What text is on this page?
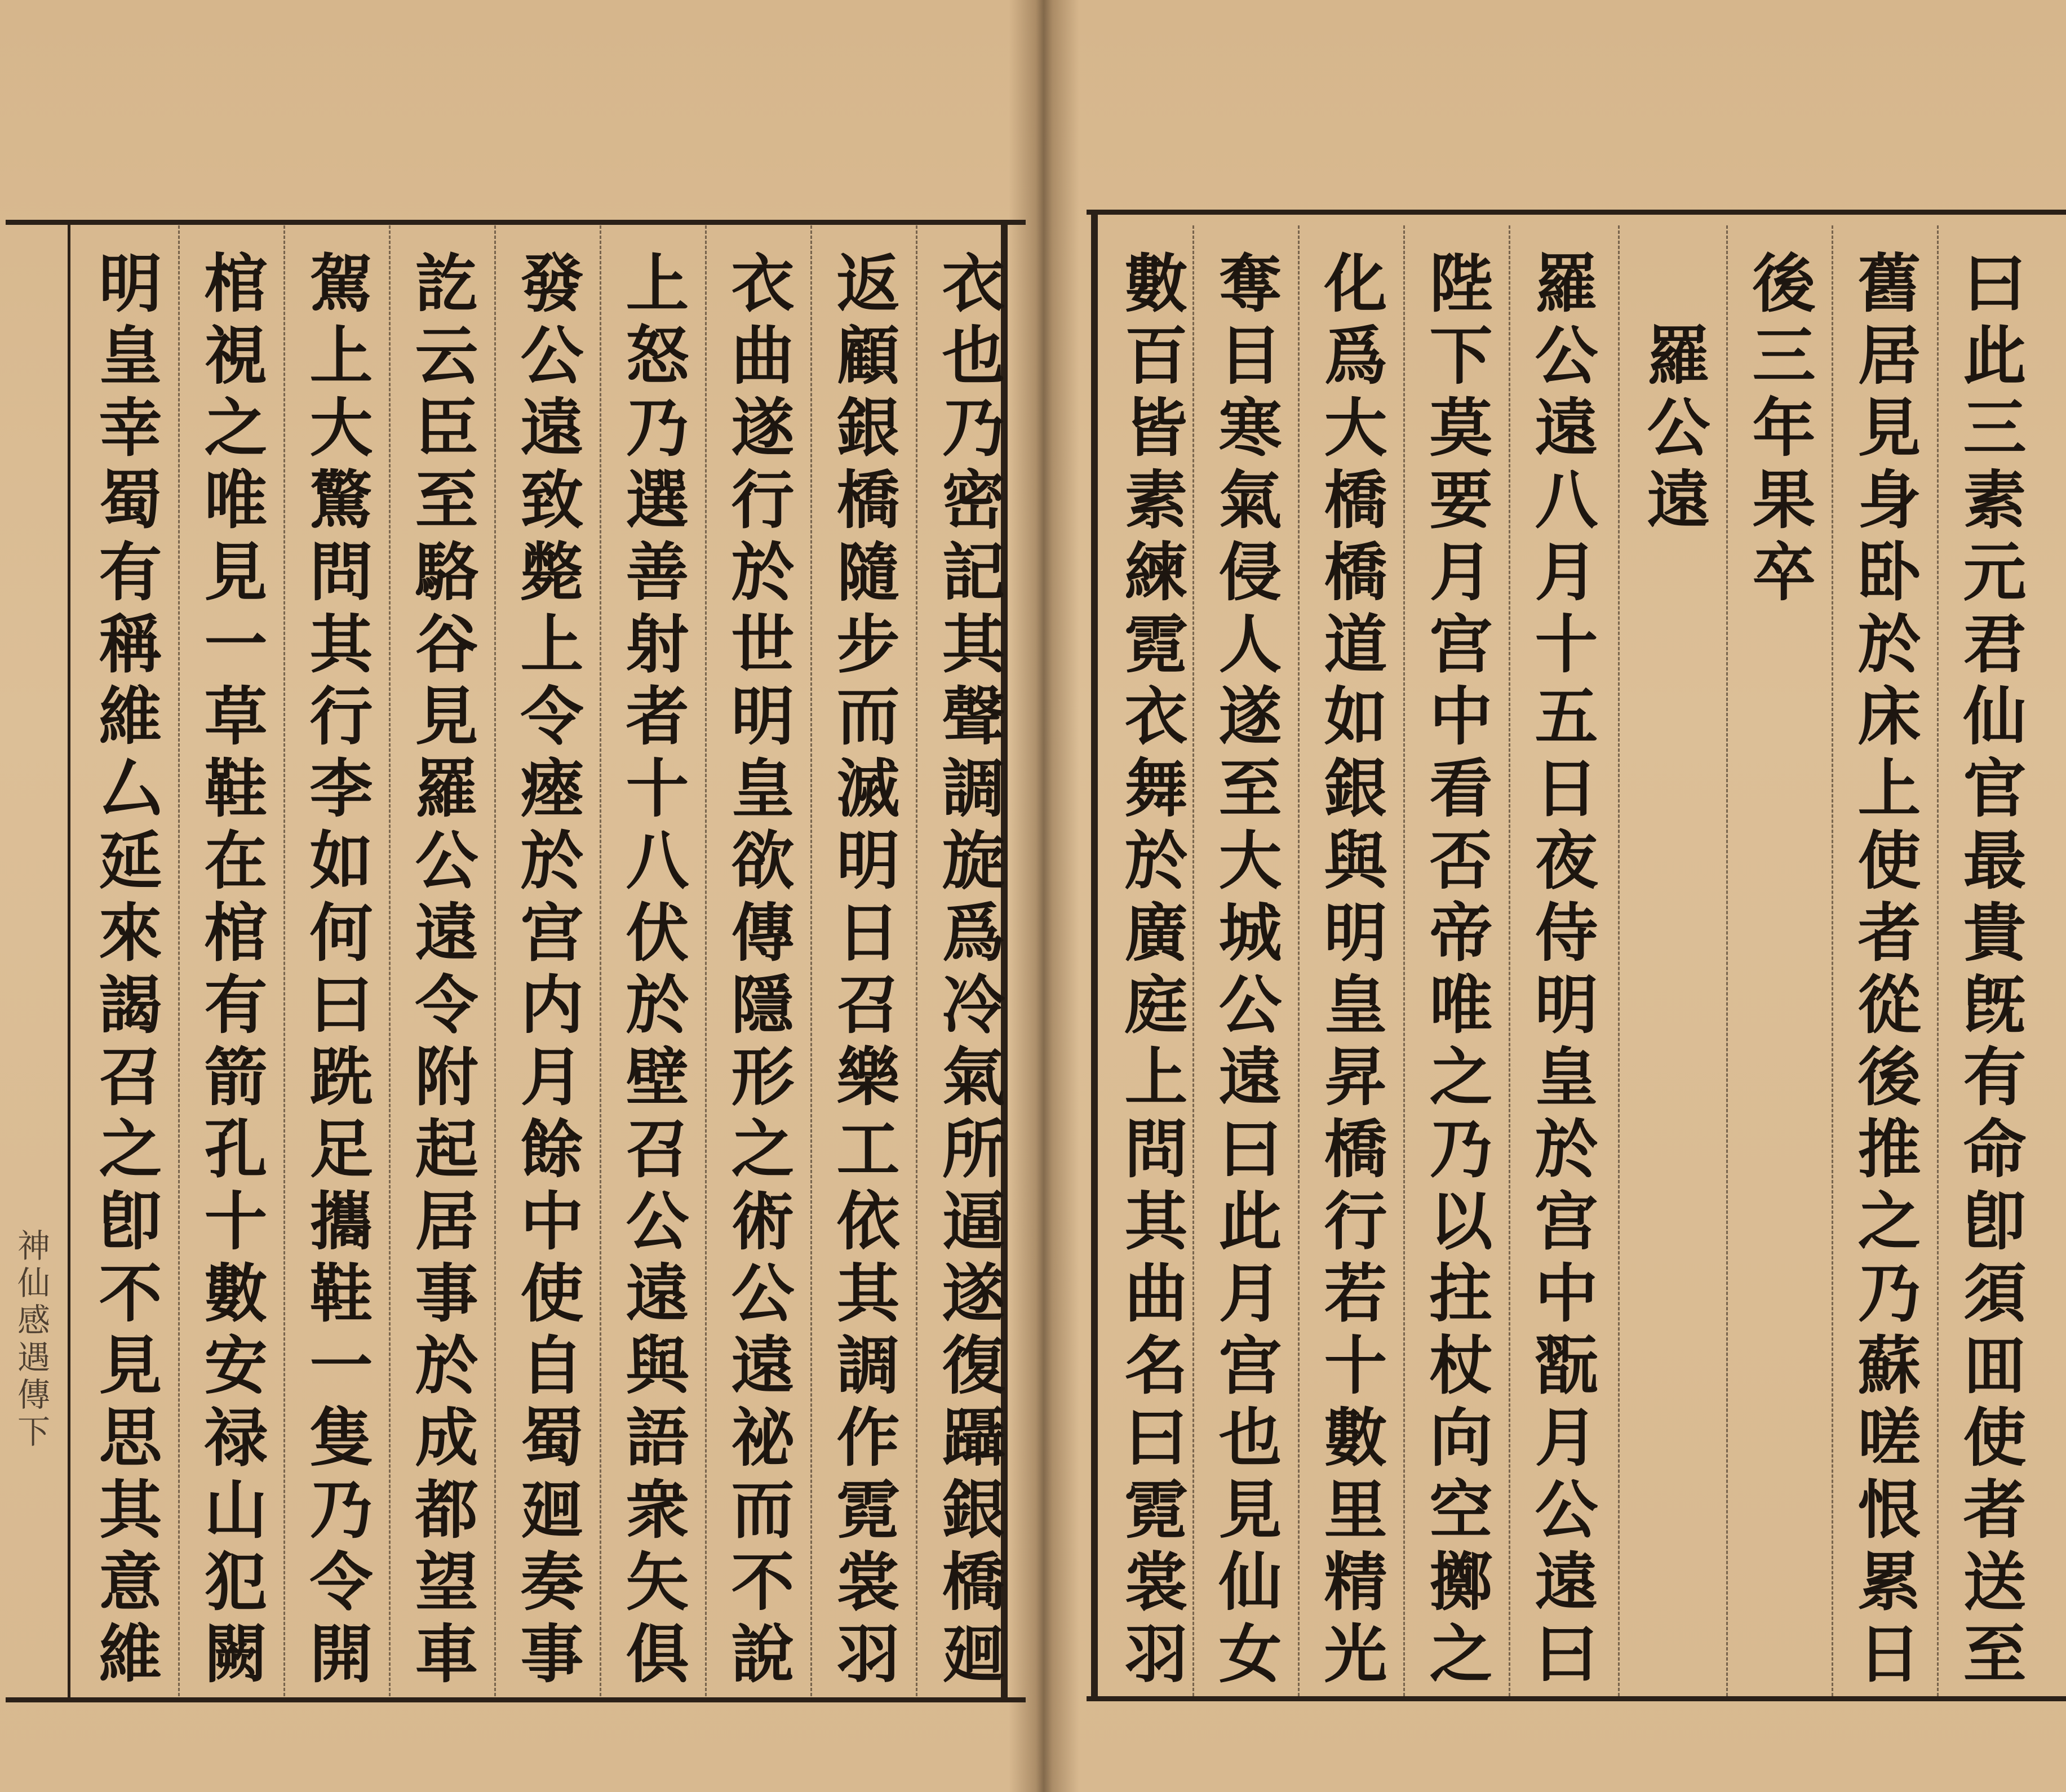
衣也乃密記其聲調旋爲冷氣所逼遂復躡銀橋廻
返顧銀橋隨步而滅明日召樂工依其調作霓裳羽
衣曲遂行於世明皇欲傳隱形之術公遠祕而不說
上怒乃選善射者十八伏於壁召公遠與語衆矢俱
發公遠致斃上令瘞於宫内月餘中使自蜀廻奏事
訖云臣至駱谷見羅公遠令附起居事於成都望車
駕上大驚問其行李如何曰跣足攜鞋一隻乃令開
棺視之唯見一草鞋在棺有箭孔十數安禄山犯闕
明皇幸蜀有稱維厶延來謁召之卽不見思其意維
神仙感遇傳下	曰此三素元君仙官最貴旣有命卽須囬使者送至
舊居見身卧於床上使者從後推之乃蘇嗟恨累日
後三年果卒
羅公遠
羅公遠八月十五日夜侍明皇於宫中翫月公遠曰
陛下莫要月宫中看否帝唯之乃以拄杖向空擲之
化爲大橋橋道如銀與明皇昇橋行若十數里精光
奪目寒氣侵人遂至大城公遠曰此月宫也見仙女
數百皆素練霓衣舞於廣庭上問其曲名曰霓裳羽
